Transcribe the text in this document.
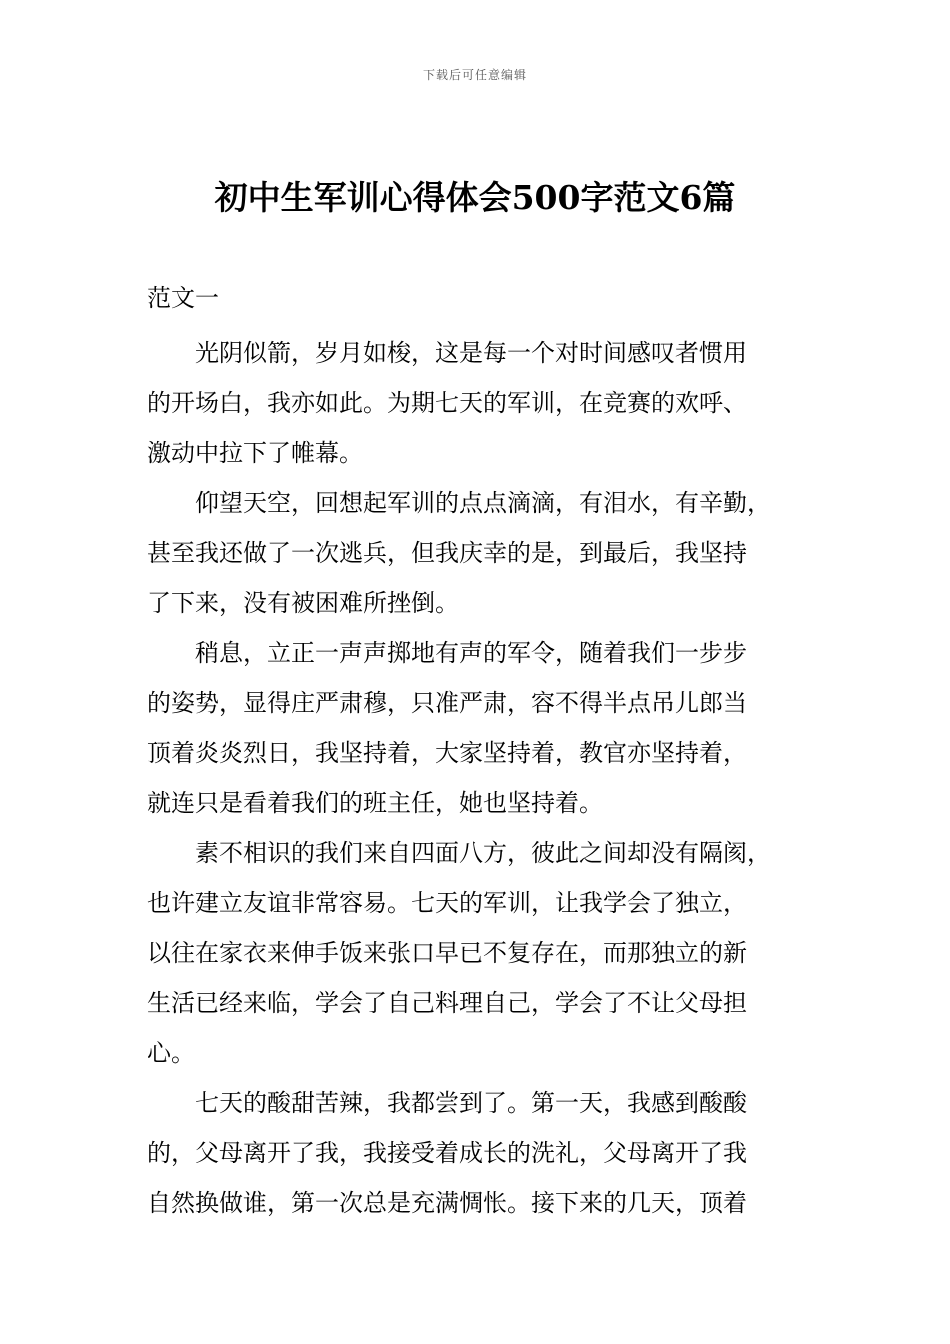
下载后可任意编辑
初中生军训心得体会500字范文6篇
范文一
光阴似箭，岁月如梭，这是每一个对时间感叹者惯用
的开场白，我亦如此。为期七天的军训，在竞赛的欢呼、
激动中拉下了帷幕。
仰望天空，回想起军训的点点滴滴，有泪水，有辛勤，
甚至我还做了一次逃兵，但我庆幸的是，到最后，我坚持
了下来，没有被困难所挫倒。
稍息，立正一声声掷地有声的军令，随着我们一步步
的姿势，显得庄严肃穆，只准严肃，容不得半点吊儿郎当
顶着炎炎烈日，我坚持着，大家坚持着，教官亦坚持着，
就连只是看着我们的班主任，她也坚持着。
素不相识的我们来自四面八方，彼此之间却没有隔阂，
也许建立友谊非常容易。七天的军训，让我学会了独立，
以往在家衣来伸手饭来张口早已不复存在，而那独立的新
生活已经来临，学会了自己料理自己，学会了不让父母担
心。
七天的酸甜苦辣，我都尝到了。第一天，我感到酸酸
的，父母离开了我，我接受着成长的洗礼，父母离开了我
自然换做谁，第一次总是充满惆怅。接下来的几天，顶着
